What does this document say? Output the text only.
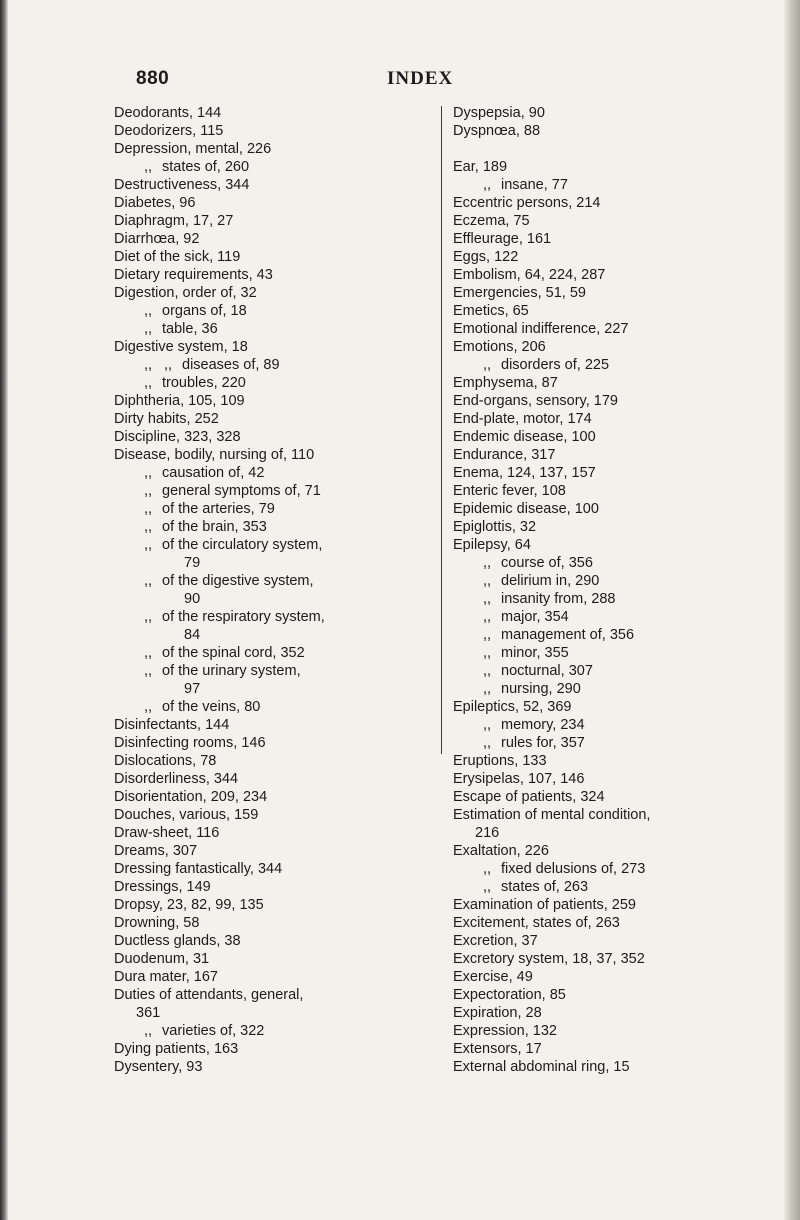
880	INDEX
Deodorants, 144
Deodorizers, 115
Depression, mental, 226
,, states of, 260
Destructiveness, 344
Diabetes, 96
Diaphragm, 17, 27
Diarrhœa, 92
Diet of the sick, 119
Dietary requirements, 43
Digestion, order of, 32
,, organs of, 18
,, table, 36
Digestive system, 18
,, ,, diseases of, 89
,, troubles, 220
Diphtheria, 105, 109
Dirty habits, 252
Discipline, 323, 328
Disease, bodily, nursing of, 110
,, causation of, 42
,, general symptoms of, 71
,, of the arteries, 79
,, of the brain, 353
,, of the circulatory system,
79
,, of the digestive system,
90
,, of the respiratory system,
84
,, of the spinal cord, 352
,, of the urinary system,
97
,, of the veins, 80
Disinfectants, 144
Disinfecting rooms, 146
Dislocations, 78
Disorderliness, 344
Disorientation, 209, 234
Douches, various, 159
Draw-sheet, 116
Dreams, 307
Dressing fantastically, 344
Dressings, 149
Dropsy, 23, 82, 99, 135
Drowning, 58
Ductless glands, 38
Duodenum, 31
Dura mater, 167
Duties of attendants, general,
361
,, varieties of, 322
Dying patients, 163
Dysentery, 93
Dyspepsia, 90
Dyspnœa, 88
Ear, 189
,, insane, 77
Eccentric persons, 214
Eczema, 75
Effleurage, 161
Eggs, 122
Embolism, 64, 224, 287
Emergencies, 51, 59
Emetics, 65
Emotional indifference, 227
Emotions, 206
,, disorders of, 225
Emphysema, 87
End-organs, sensory, 179
End-plate, motor, 174
Endemic disease, 100
Endurance, 317
Enema, 124, 137, 157
Enteric fever, 108
Epidemic disease, 100
Epiglottis, 32
Epilepsy, 64
,, course of, 356
,, delirium in, 290
,, insanity from, 288
,, major, 354
,, management of, 356
,, minor, 355
,, nocturnal, 307
,, nursing, 290
Epileptics, 52, 369
,, memory, 234
,, rules for, 357
Eruptions, 133
Erysipelas, 107, 146
Escape of patients, 324
Estimation of mental condition,
216
Exaltation, 226
,, fixed delusions of, 273
,, states of, 263
Examination of patients, 259
Excitement, states of, 263
Excretion, 37
Excretory system, 18, 37, 352
Exercise, 49
Expectoration, 85
Expiration, 28
Expression, 132
Extensors, 17
External abdominal ring, 15
